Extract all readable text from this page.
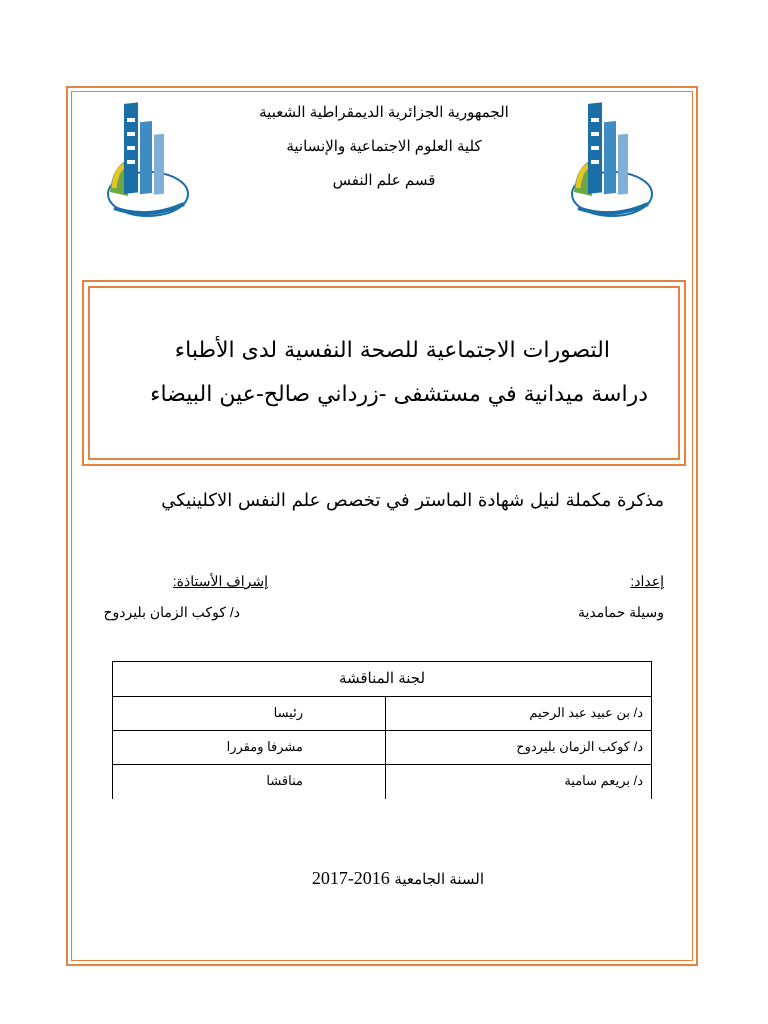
الجمهورية الجزائرية الديمقراطية الشعبية
كلية العلوم الاجتماعية والإنسانية
قسم علم النفس
التصورات الاجتماعية للصحة النفسية لدى الأطباء
دراسة ميدانية في مستشفى -زرداني صالح-عين البيضاء
مذكرة مكملة لنيل شهادة الماستر في تخصص علم النفس الاكلينيكي
إعداد:
إشراف الأستاذة:
وسيلة حمامدية
د/ كوكب الزمان بليردوح
لجنة المناقشة
د/ بن عبيد عبد الرحيم
رئيسا
د/ كوكب الزمان بليردوح
مشرفا ومقررا
د/ بريعم سامية
مناقشا
السنة الجامعية 2017-2016
